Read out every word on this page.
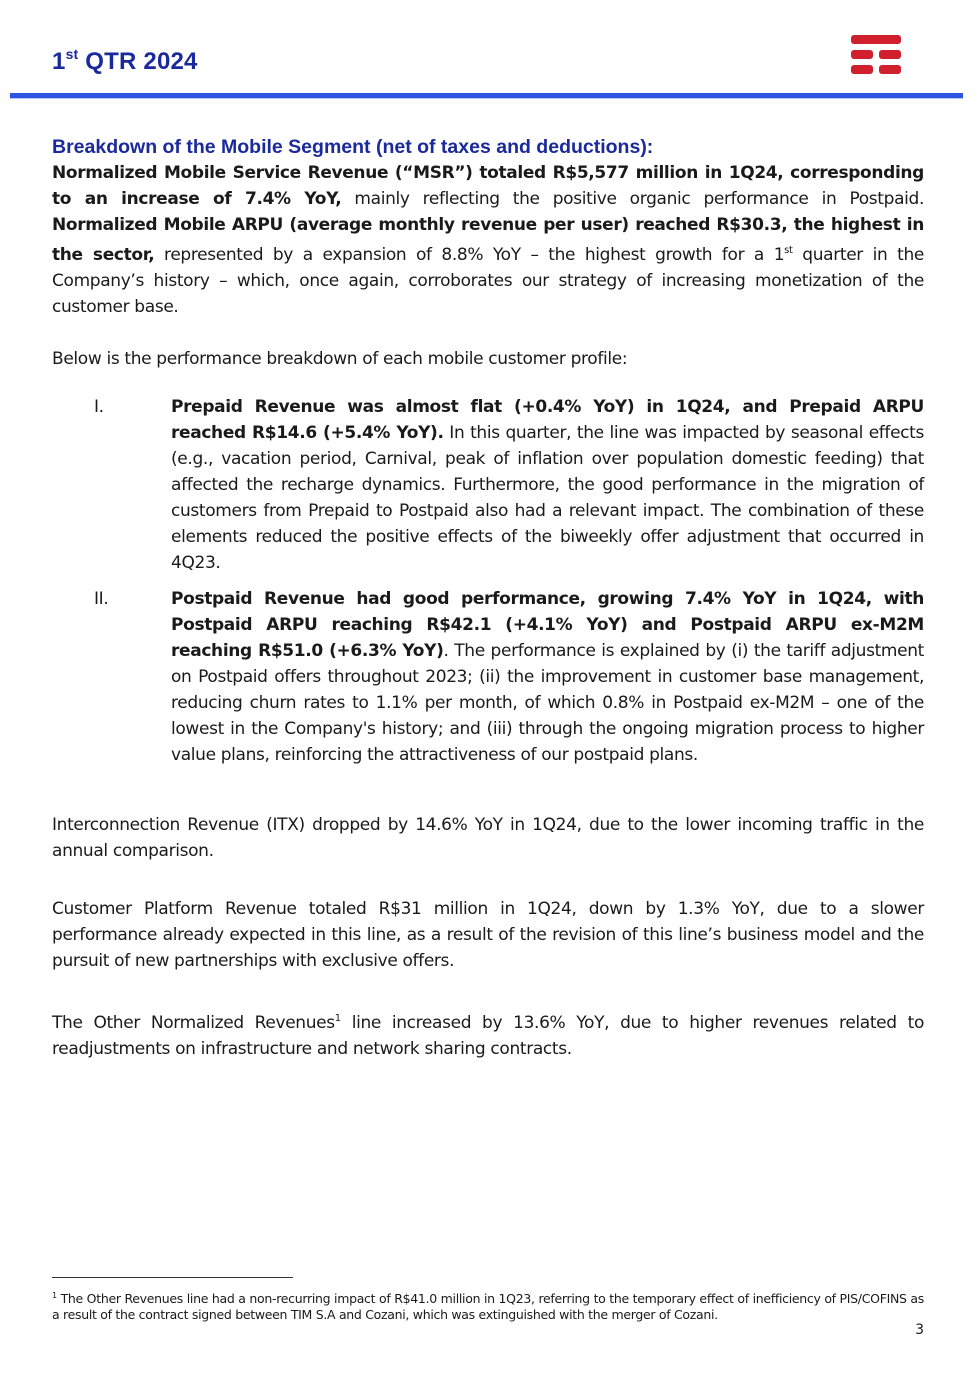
1st QTR 2024

Breakdown of the Mobile Segment (net of taxes and deductions):

Normalized Mobile Service Revenue (“MSR”) totaled R$5,577 million in 1Q24, corresponding to an increase of 7.4% YoY, mainly reflecting the positive organic performance in Postpaid. Normalized Mobile ARPU (average monthly revenue per user) reached R$30.3, the highest in the sector, represented by a expansion of 8.8% YoY – the highest growth for a 1st quarter in the Company’s history – which, once again, corroborates our strategy of increasing monetization of the customer base.

Below is the performance breakdown of each mobile customer profile:

I.	Prepaid Revenue was almost flat (+0.4% YoY) in 1Q24, and Prepaid ARPU reached R$14.6 (+5.4% YoY). In this quarter, the line was impacted by seasonal effects (e.g., vacation period, Carnival, peak of inflation over population domestic feeding) that affected the recharge dynamics. Furthermore, the good performance in the migration of customers from Prepaid to Postpaid also had a relevant impact. The combination of these elements reduced the positive effects of the biweekly offer adjustment that occurred in 4Q23.
II.	Postpaid Revenue had good performance, growing 7.4% YoY in 1Q24, with Postpaid ARPU reaching R$42.1 (+4.1% YoY) and Postpaid ARPU ex-M2M reaching R$51.0 (+6.3% YoY). The performance is explained by (i) the tariff adjustment on Postpaid offers throughout 2023; (ii) the improvement in customer base management, reducing churn rates to 1.1% per month, of which 0.8% in Postpaid ex-M2M – one of the lowest in the Company's history; and (iii) through the ongoing migration process to higher value plans, reinforcing the attractiveness of our postpaid plans.

Interconnection Revenue (ITX) dropped by 14.6% YoY in 1Q24, due to the lower incoming traffic in the annual comparison.

Customer Platform Revenue totaled R$31 million in 1Q24, down by 1.3% YoY, due to a slower performance already expected in this line, as a result of the revision of this line’s business model and the pursuit of new partnerships with exclusive offers.

The Other Normalized Revenues$^1$ line increased by 13.6% YoY, due to higher revenues related to readjustments on infrastructure and network sharing contracts.

$^1$ The Other Revenues line had a non-recurring impact of R$41.0 million in 1Q23, referring to the temporary effect of inefficiency of PIS/COFINS as a result of the contract signed between TIM S.A and Cozani, which was extinguished with the merger of Cozani.
3
